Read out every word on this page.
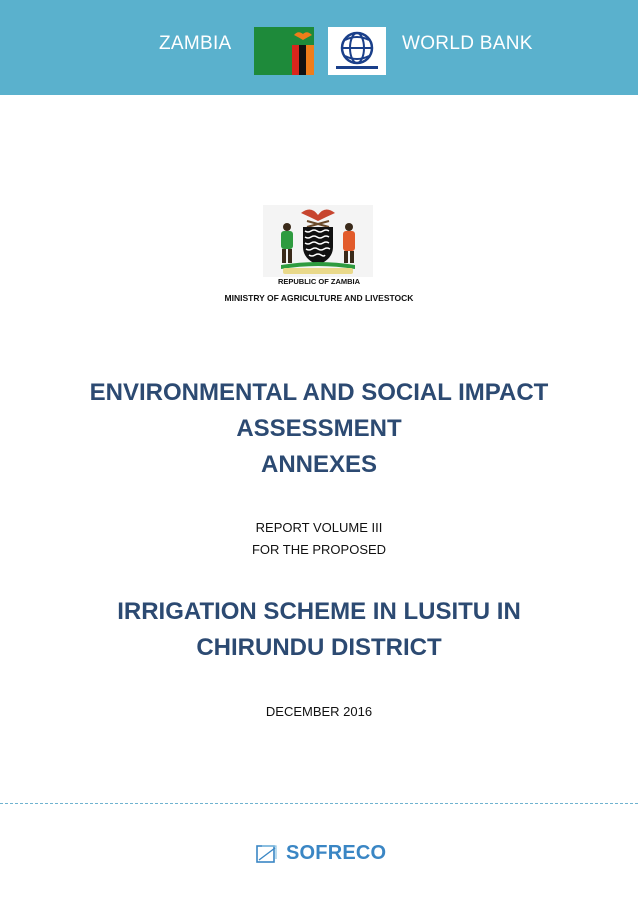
ZAMBIA	WORLD BANK
REPUBLIC OF ZAMBIA
MINISTRY OF AGRICULTURE AND LIVESTOCK
ENVIRONMENTAL AND SOCIAL IMPACT
ASSESSMENT
ANNEXES
REPORT VOLUME III
FOR THE PROPOSED
IRRIGATION SCHEME IN LUSITU IN
CHIRUNDU DISTRICT
DECEMBER 2016
SOFRECO
